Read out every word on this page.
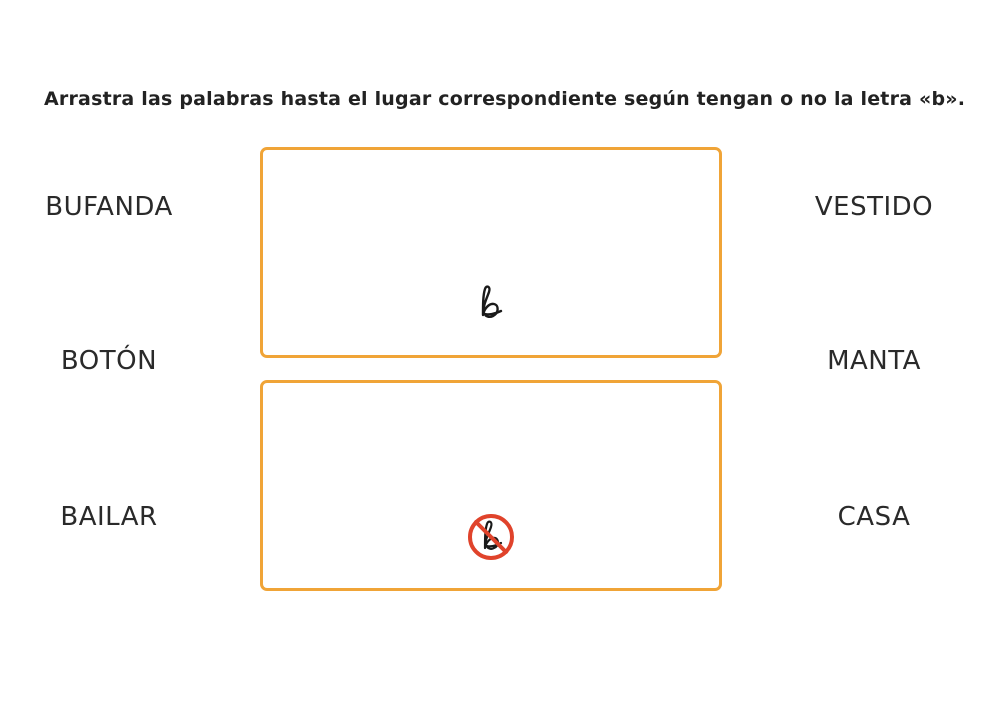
Arrastra las palabras hasta el lugar correspondiente según tengan o no la letra «b».
BUFANDA
BOTÓN
BAILAR
VESTIDO
MANTA
CASA
